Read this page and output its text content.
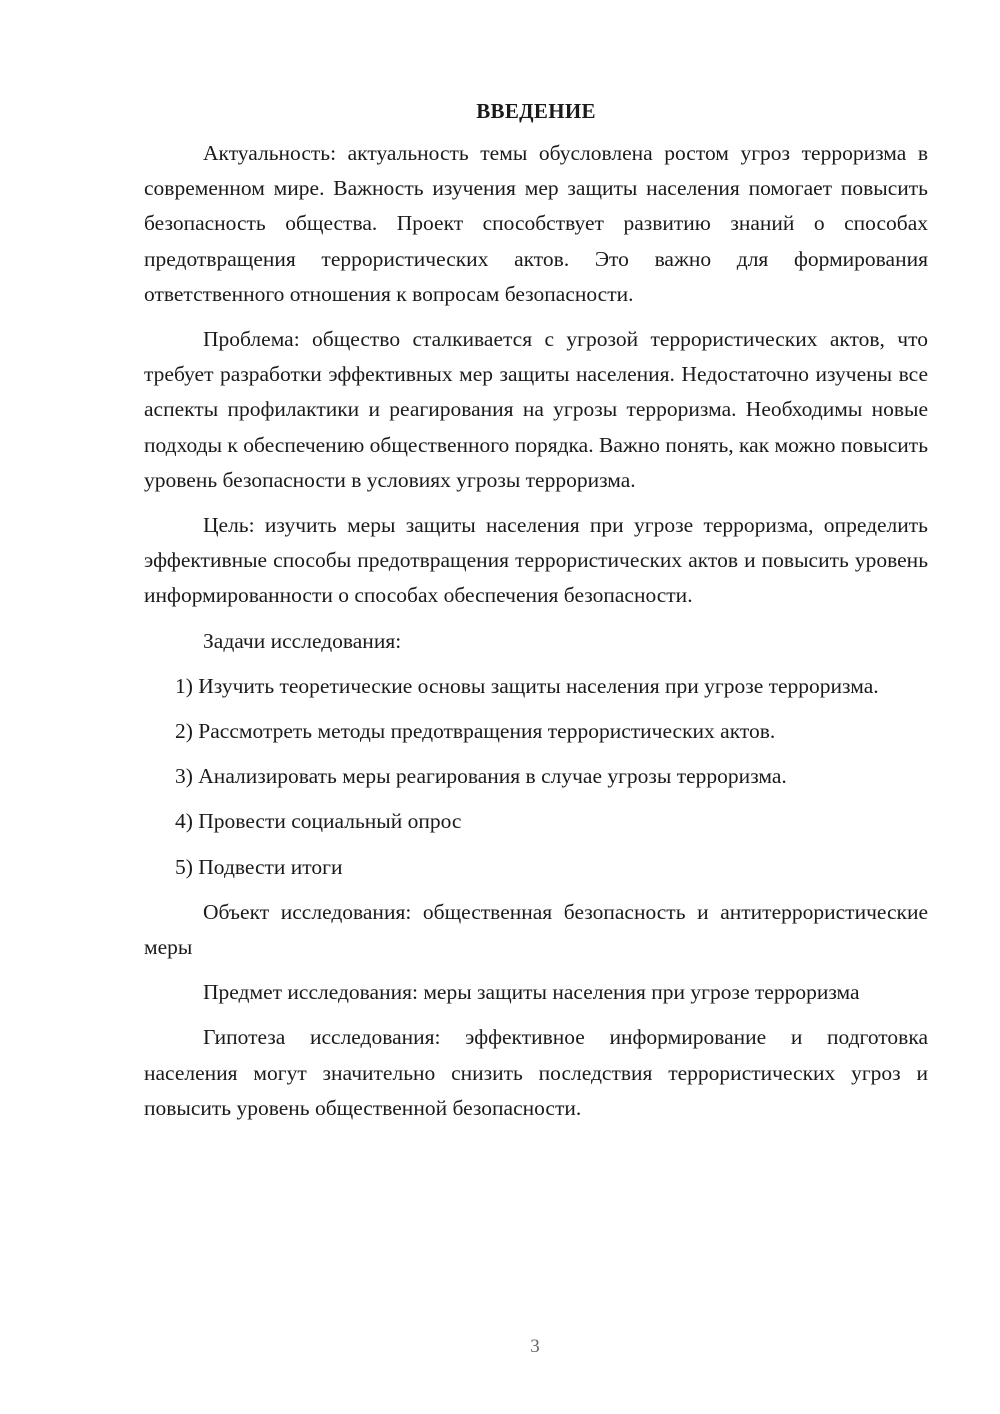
ВВЕДЕНИЕ

Актуальность: актуальность темы обусловлена ростом угроз терроризма в современном мире. Важность изучения мер защиты населения помогает повысить безопасность общества. Проект способствует развитию знаний о способах предотвращения террористических актов. Это важно для формирования ответственного отношения к вопросам безопасности.

Проблема: общество сталкивается с угрозой террористических актов, что требует разработки эффективных мер защиты населения. Недостаточно изучены все аспекты профилактики и реагирования на угрозы терроризма. Необходимы новые подходы к обеспечению общественного порядка. Важно понять, как можно повысить уровень безопасности в условиях угрозы терроризма.

Цель: изучить меры защиты населения при угрозе терроризма, определить эффективные способы предотвращения террористических актов и повысить уровень информированности о способах обеспечения безопасности.

Задачи исследования:

1) Изучить теоретические основы защиты населения при угрозе терроризма.

2) Рассмотреть методы предотвращения террористических актов.

3) Анализировать меры реагирования в случае угрозы терроризма.

4) Провести социальный опрос

5) Подвести итоги

Объект исследования: общественная безопасность и антитеррористические меры

Предмет исследования: меры защиты населения при угрозе терроризма

Гипотеза исследования: эффективное информирование и подготовка населения могут значительно снизить последствия террористических угроз и повысить уровень общественной безопасности.

3
